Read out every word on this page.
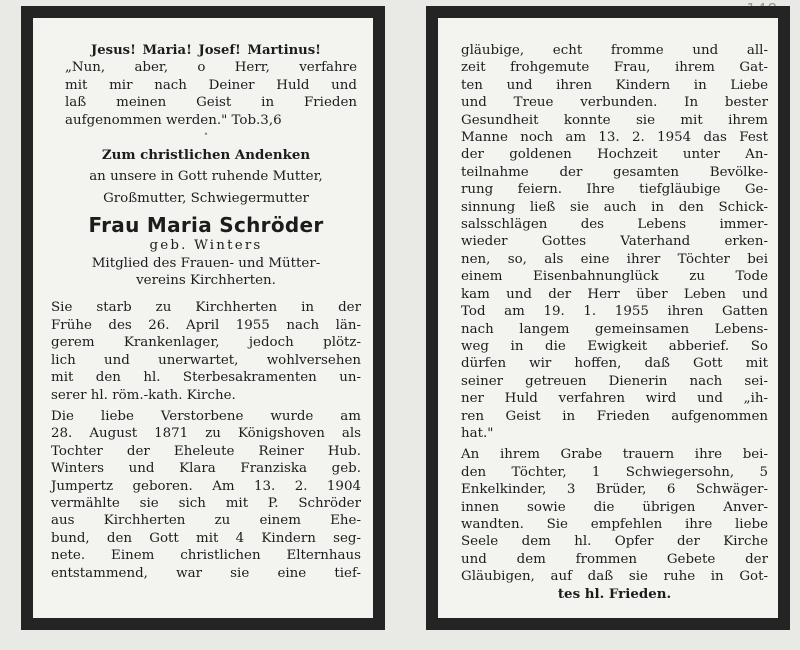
Jesus! Maria! Josef! Martinus!
„Nun, aber, o Herr, verfahre
mit mir nach Deiner Huld und
laß meinen Geist in Frieden
aufgenommen werden." Tob.3,6
•
Zum christlichen Andenken
an unsere in Gott ruhende Mutter,
Großmutter, Schwiegermutter
Frau Maria Schröder
geb. Winters
Mitglied des Frauen- und Mütter-
vereins Kirchherten.
Sie starb zu Kirchherten in der
Frühe des 26. April 1955 nach län-
gerem Krankenlager, jedoch plötz-
lich und unerwartet, wohlversehen
mit den hl. Sterbesakramenten un-
serer hl. röm.-kath. Kirche.
Die liebe Verstorbene wurde am
28. August 1871 zu Königshoven als
Tochter der Eheleute Reiner Hub.
Winters und Klara Franziska geb.
Jumpertz geboren. Am 13. 2. 1904
vermählte sie sich mit P. Schröder
aus Kirchherten zu einem Ehe-
bund, den Gott mit 4 Kindern seg-
nete. Einem christlichen Elternhaus
entstammend, war sie eine tief-
gläubige, echt fromme und all-
zeit frohgemute Frau, ihrem Gat-
ten und ihren Kindern in Liebe
und Treue verbunden. In bester
Gesundheit konnte sie mit ihrem
Manne noch am 13. 2. 1954 das Fest
der goldenen Hochzeit unter An-
teilnahme der gesamten Bevölke-
rung feiern. Ihre tiefgläubige Ge-
sinnung ließ sie auch in den Schick-
salsschlägen des Lebens immer-
wieder Gottes Vaterhand erken-
nen, so, als eine ihrer Töchter bei
einem Eisenbahnunglück zu Tode
kam und der Herr über Leben und
Tod am 19. 1. 1955 ihren Gatten
nach langem gemeinsamen Lebens-
weg in die Ewigkeit abberief. So
dürfen wir hoffen, daß Gott mit
seiner getreuen Dienerin nach sei-
ner Huld verfahren wird und „ih-
ren Geist in Frieden aufgenommen
hat."
An ihrem Grabe trauern ihre bei-
den Töchter, 1 Schwiegersohn, 5
Enkelkinder, 3 Brüder, 6 Schwäger-
innen sowie die übrigen Anver-
wandten. Sie empfehlen ihre liebe
Seele dem hl. Opfer der Kirche
und dem frommen Gebete der
Gläubigen, auf daß sie ruhe in Got-
tes hl. Frieden.
